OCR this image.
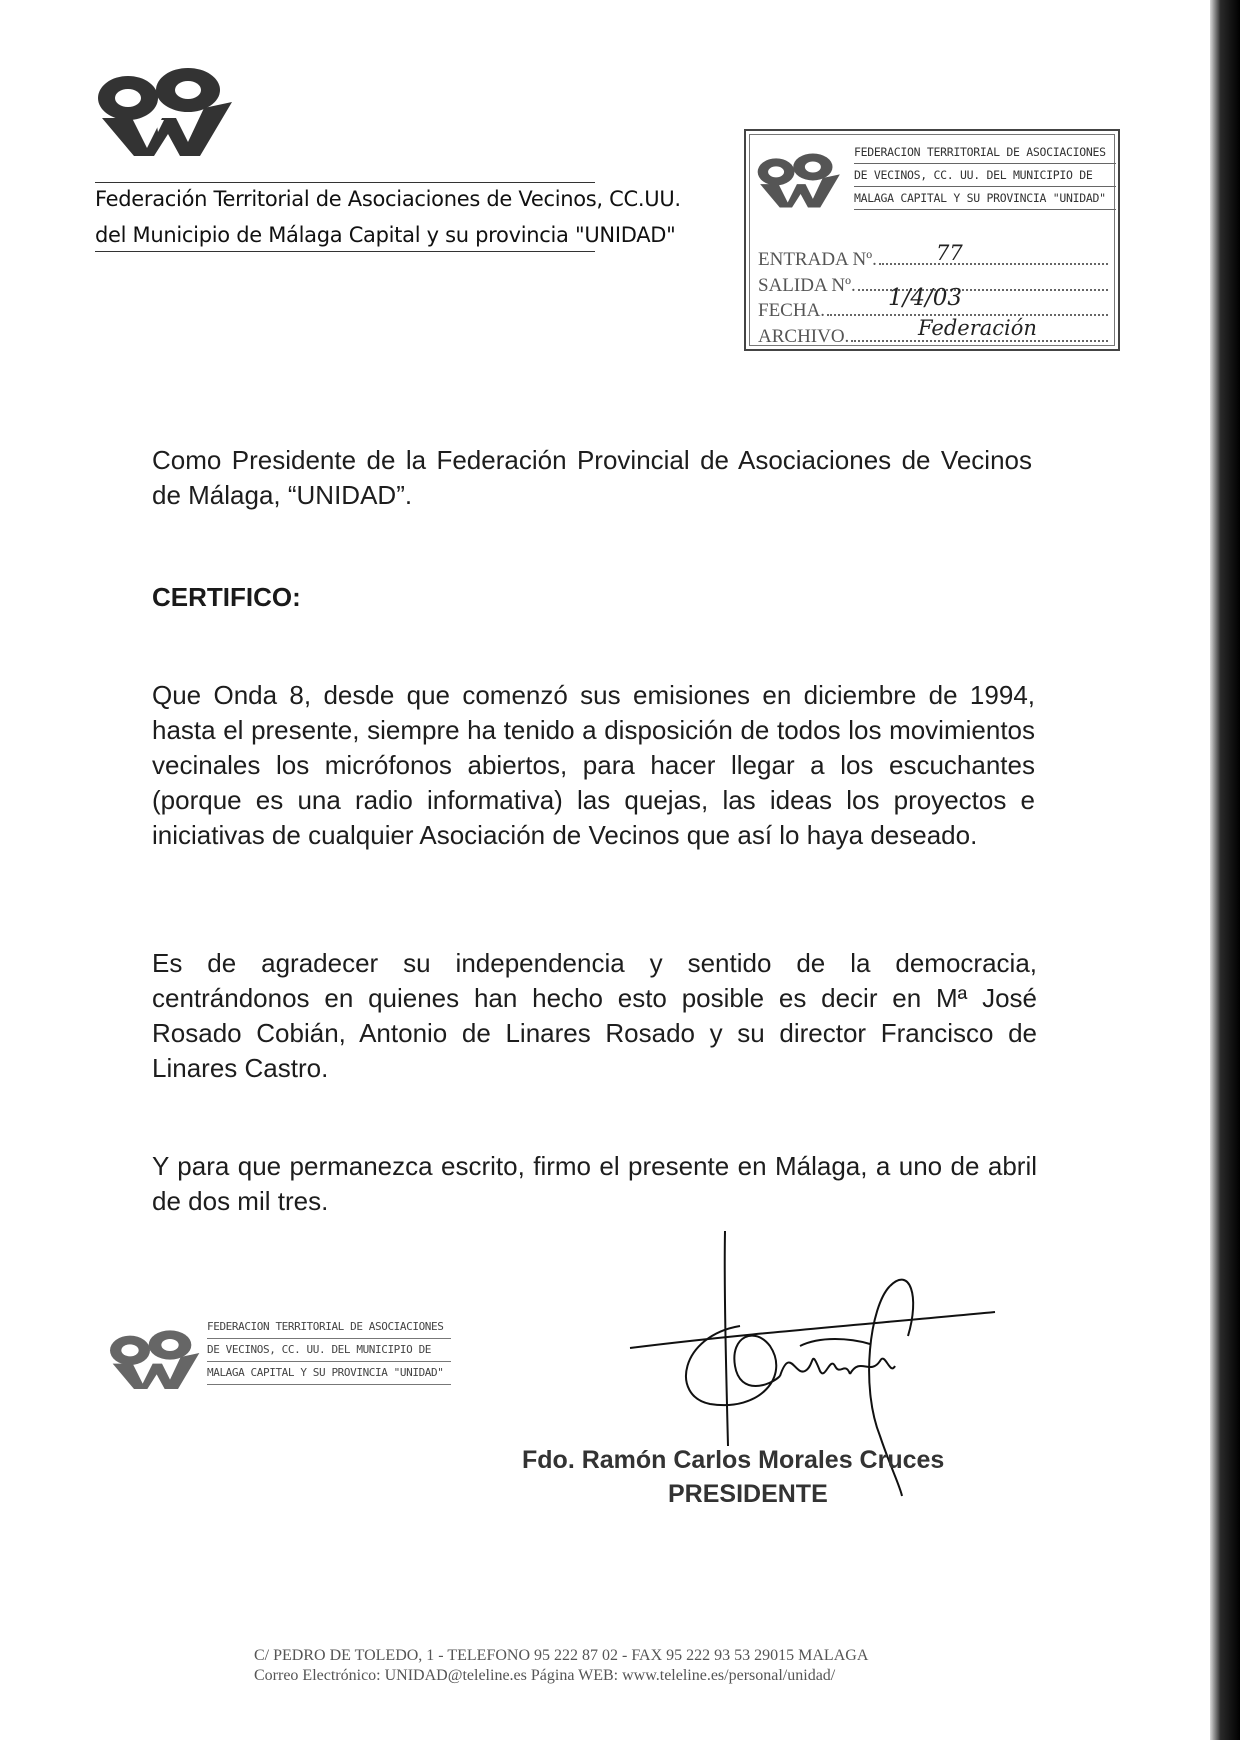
Federación Territorial de Asociaciones de Vecinos, CC.UU.
del Municipio de Málaga Capital y su provincia "UNIDAD"
FEDERACION TERRITORIAL DE ASOCIACIONES
DE VECINOS, CC. UU. DEL MUNICIPIO DE
MALAGA CAPITAL Y SU PROVINCIA "UNIDAD"
ENTRADA Nº.	77
SALIDA Nº.
FECHA.	1/4/03
ARCHIVO.	Federación
Como Presidente de la Federación Provincial de Asociaciones de Vecinos de Málaga, “UNIDAD”.
CERTIFICO:
Que Onda 8, desde que comenzó sus emisiones en diciembre de 1994, hasta el presente, siempre ha tenido a disposición de todos los movimientos vecinales los micrófonos abiertos, para hacer llegar a los escuchantes (porque es una radio informativa) las quejas, las ideas los proyectos e iniciativas de cualquier Asociación de Vecinos que así lo haya deseado.
Es de agradecer su independencia y sentido de la democracia, centrándonos en quienes han hecho esto posible es decir en Mª José Rosado Cobián, Antonio de Linares Rosado y su director Francisco de Linares Castro.
Y para que permanezca escrito, firmo el presente en Málaga, a uno de abril de dos mil tres.
FEDERACION TERRITORIAL DE ASOCIACIONES
DE VECINOS, CC. UU. DEL MUNICIPIO DE
MALAGA CAPITAL Y SU PROVINCIA "UNIDAD"
Fdo. Ramón Carlos Morales Cruces
PRESIDENTE
C/ PEDRO DE TOLEDO, 1 - TELEFONO 95 222 87 02 - FAX 95 222 93 53 29015 MALAGA
Correo Electrónico: UNIDAD@teleline.es Página WEB: www.teleline.es/personal/unidad/
